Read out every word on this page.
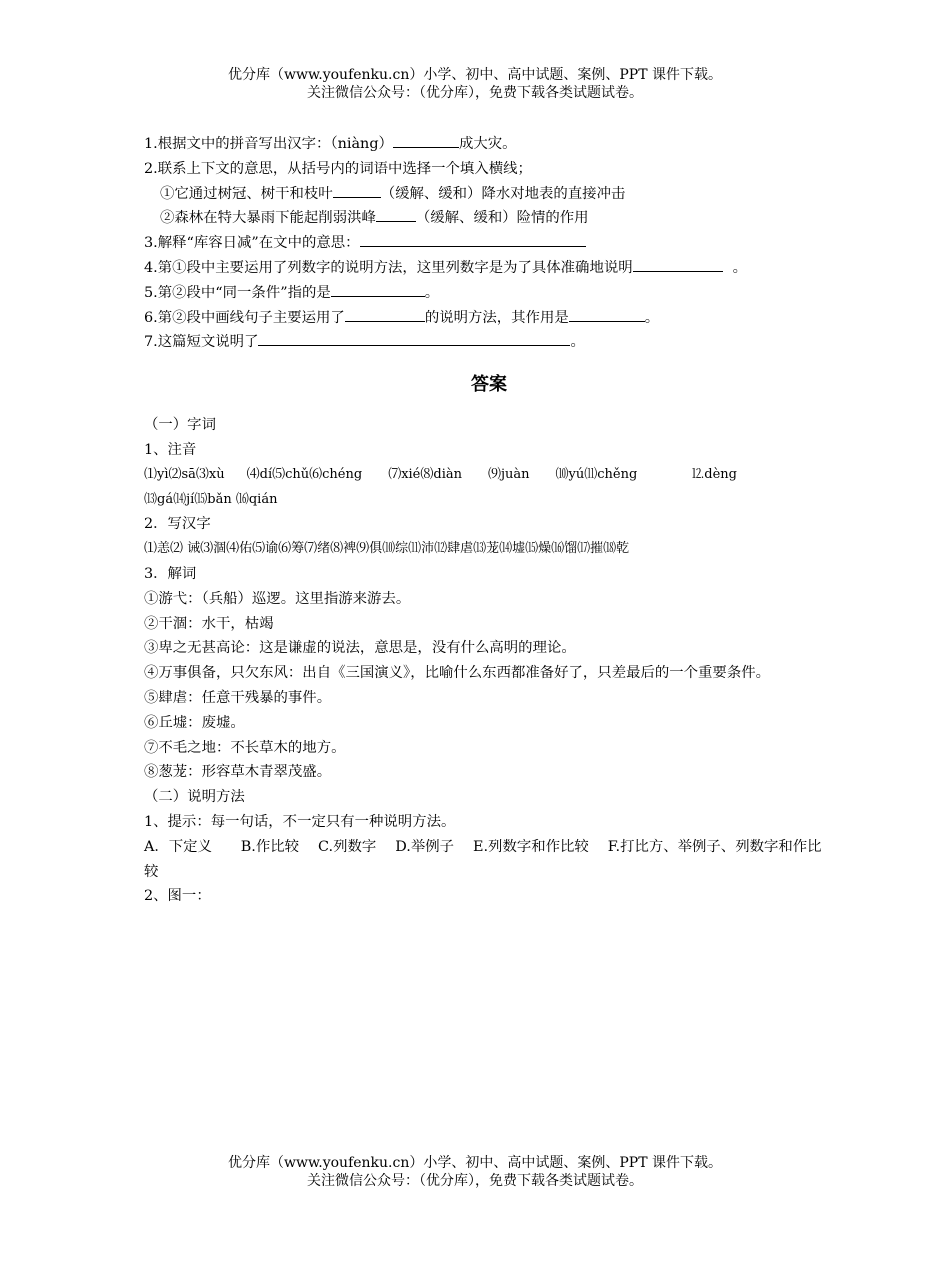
优分库（www.youfenku.cn）小学、初中、高中试题、案例、PPT 课件下载。
关注微信公众号：（优分库），免费下载各类试题试卷。
1.根据文中的拼音写出汉字：（niàng）	成大灾。
2.联系上下文的意思，从括号内的词语中选择一个填入横线；
①它通过树冠、树干和枝叶	（缓解、缓和）降水对地表的直接冲击
②森林在特大暴雨下能起削弱洪峰	（缓解、缓和）险情的作用
3.解释“库容日减”在文中的意思：
4.第①段中主要运用了列数字的说明方法，这里列数字是为了具体准确地说明	。
5.第②段中“同一条件”指的是	。
6.第②段中画线句子主要运用了	的说明方法，其作用是	。
7.这篇短文说明了	。
答案
（一）字词
1、注音
⑴yì⑵sā⑶xù ⑷dí⑸chǔ⑹chéng ⑺xié⑻diàn ⑼juàn ⑽yú⑾chěng	⒓dèng
⒀gá⒁jí⒂bǎn ⒃qián
2．写汉字
⑴恙⑵ 诫⑶涸⑷佑⑸谕⑹筹⑺绪⑻裨⑼俱⑽综⑾沛⑿肆虐⒀茏⒁墟⒂燥⒃馏⒄摧⒅乾
3．解词
①游弋：（兵船）巡逻。这里指游来游去。
②干涸：水干，枯竭
③卑之无甚高论：这是谦虚的说法，意思是，没有什么高明的理论。
④万事俱备，只欠东风：出自《三国演义》，比喻什么东西都准备好了，只差最后的一个重要条件。
⑤肆虐：任意干残暴的事件。
⑥丘墟：废墟。
⑦不毛之地：不长草木的地方。
⑧葱茏：形容草木青翠茂盛。
（二）说明方法
1、提示：每一句话，不一定只有一种说明方法。
A．下定义　　B.作比较　 C.列数字　 D.举例子　 E.列数字和作比较　 F.打比方、举例子、列数字和作比较
2、图一：
优分库（www.youfenku.cn）小学、初中、高中试题、案例、PPT 课件下载。
关注微信公众号：（优分库），免费下载各类试题试卷。
